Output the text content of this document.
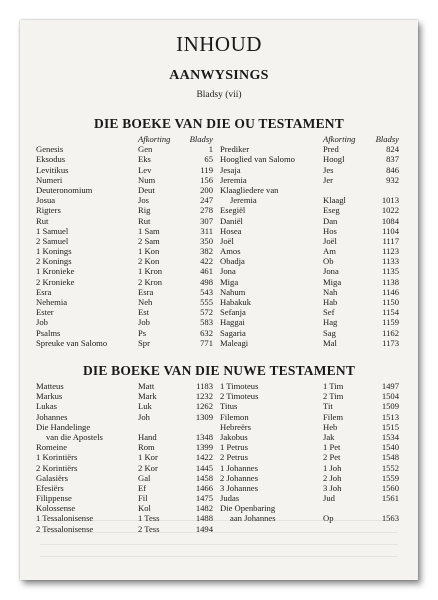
INHOUD
AANWYSINGS
Bladsy (vii)
DIE BOEKE VAN DIE OU TESTAMENT
Afkorting Bladsy
Genesis	Gen	1
Eksodus	Eks	65
Levitikus	Lev	119
Numeri	Num	156
Deuteronomium	Deut	200
Josua	Jos	247
Rigters	Rig	278
Rut	Rut	307
1 Samuel	1 Sam	311
2 Samuel	2 Sam	350
1 Konings	1 Kon	382
2 Konings	2 Kon	422
1 Kronieke	1 Kron	461
2 Kronieke	2 Kron	498
Esra	Esra	543
Nehemia	Neh	555
Ester	Est	572
Job	Job	583
Psalms	Ps	632
Spreuke van Salomo	Spr	771
Afkorting Bladsy
Prediker	Pred	824
Hooglied van Salomo	Hoogl	837
Jesaja	Jes	846
Jeremia	Jer	932
Klaagliedere van
Jeremia	Klaagl	1013
Esegiël	Eseg	1022
Daniël	Dan	1084
Hosea	Hos	1104
Joël	Joël	1117
Amos	Am	1123
Obadja	Ob	1133
Jona	Jona	1135
Miga	Miga	1138
Nahum	Nah	1146
Habakuk	Hab	1150
Sefanja	Sef	1154
Haggai	Hag	1159
Sagaria	Sag	1162
Maleagi	Mal	1173
DIE BOEKE VAN DIE NUWE TESTAMENT
Matteus	Matt	1183
Markus	Mark	1232
Lukas	Luk	1262
Johannes	Joh	1309
Die Handelinge
van die Apostels	Hand	1348
Romeine	Rom	1399
1 Korintiërs	1 Kor	1422
2 Korintiërs	2 Kor	1445
Galasiërs	Gal	1458
Efesiërs	Ef	1466
Filippense	Fil	1475
Kolossense	Kol	1482
1 Tessalonisense	1 Tess	1488
2 Tessalonisense	2 Tess	1494
1 Timoteus	1 Tim	1497
2 Timoteus	2 Tim	1504
Titus	Tit	1509
Filemon	Filem	1513
Hebreërs	Heb	1515
Jakobus	Jak	1534
1 Petrus	1 Pet	1540
2 Petrus	2 Pet	1548
1 Johannes	1 Joh	1552
2 Johannes	2 Joh	1559
3 Johannes	3 Joh	1560
Judas	Jud	1561
Die Openbaring
aan Johannes	Op	1563
